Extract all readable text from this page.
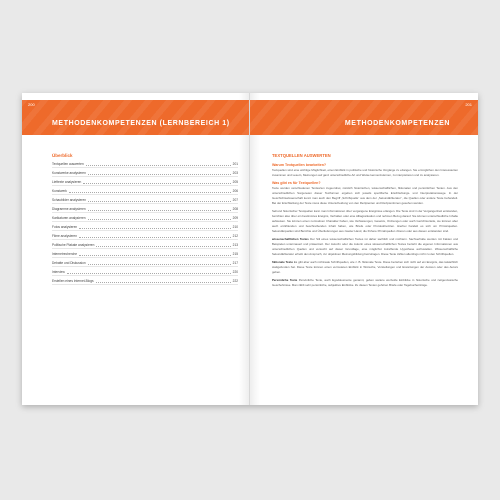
200
METHODENKOMPETENZEN (LERNBEREICH 1)
Überblick
Textquellen auswerten	201
Kunstwerke analysieren	203
Lieftexte analysieren	205
Kunstwerk	206
Schaubilder analysieren	207
Diagramme analysieren	208
Karikaturen analysieren	209
Fotos analysieren	210
Filme analysieren	212
Politische Plakate analysieren	213
Internetrecherche	215
Debatte und Diskussion	217
Interview	220
Erstellen eines Internet-Blogs	222
201
METHODENKOMPETENZEN
TEXTQUELLEN AUSWERTEN
Warum Textquellen bearbeiten?
Textquellen sind eine wichtige Möglichkeit, einen Einblick in politische und historische Vorgänge zu erlangen. Sie ermöglichen den Interessierten zusammen und Lesern, Meinungen auf ganz unterschiedliche Art und Weise kennenzulernen, zu interpretieren und zu analysieren.
Was gibt es für Textquellen?
Texte werden verschiedenen Textsorten zugeordnet, nämlich historischen, wissenschaftlichen, fiktionalen und persönlichen Texten. Aus den unterschiedlichen Sorgeneien dieser Textformen ergeben sich jeweils spezifische Erschließungs- und Interpretationswege. In der Geschichtswissenschaft kennt man auch den Begriff „Schriftquelle“ aus dem der „Sekundärliteratur“, die Quellen oder andere Texte behandelt. Bei der Erschließung der Texte muss diese Unterscheidung von den Rezipienten und Rezipientinnen gesehen werden.
Sehund historischer Textquellen kann man Informationen über vergangene Ereignisse erlangen. Die Texte sind in der Vergangenheit entstanden, berichten also über ein bestimmtes Ereignis, Verhalten oder eine Alltagssituation und nehmen Bezug darauf. Sie können unterschiedliche Inhalte aufweisen. Sie können einen normativen Charakter haben, wie Verfassungen, Gesetze, Ordnungen oder auch Gerichtsurteile, sie können aber auch erzählenden und beschreibenden Inhalt haben, wie Briefe oder Protokollnotizen. Hierbei handelt es sich um Primärquellen. Sekundärquellen sind Berichte und Überlieferungen aus zweiter Hand, die frühere Primärquellen zitieren oder aus diesen entstanden sind.
wissenschaftlichen Textes Der Stil eines wissenschaftlichen Textes ist daher sachlich und nüchtern. Sachverhalte werden mit Fakten und Beispielen untermauert und präsentiert. Der Autor/in oder die Autorin eines wissenschaftlichen Textes bezieht die eigenen Informationen aus unterschiedlichen Quellen und versucht auf dieser Grundlage, eine möglichst zutreffende Hypothese aufzustellen. Wissenschaftliche Sekundärliteratur erhebt den Anspruch, zur objektiven Meinungsbildung beizutragen. Diese Texte zählen allerdings nicht zu den Schriftquellen.
fiktionale Texte Es gibt aber auch nichtreale Schriftquellen, wie z. B. fiktionale Texte. Diese beziehen sich nicht auf ein Ereignis, das tatsächlich stattgefunden hat. Diese Texte können einen vermuteten Einblick in Wünsche, Vorstellungen und Erwartungen der Autoren oder des Autors geben.
Persönliche Texte Persönliche Texte, auch Egodokumente genannt, geben weitere wertvolle Einblicke in historische und zeitgenössische Geschehnisse. Man zählt sehr persönliche, subjektive Einblicke. Zu diesen Texten gehören Briefe oder Tagebucheinträge.
